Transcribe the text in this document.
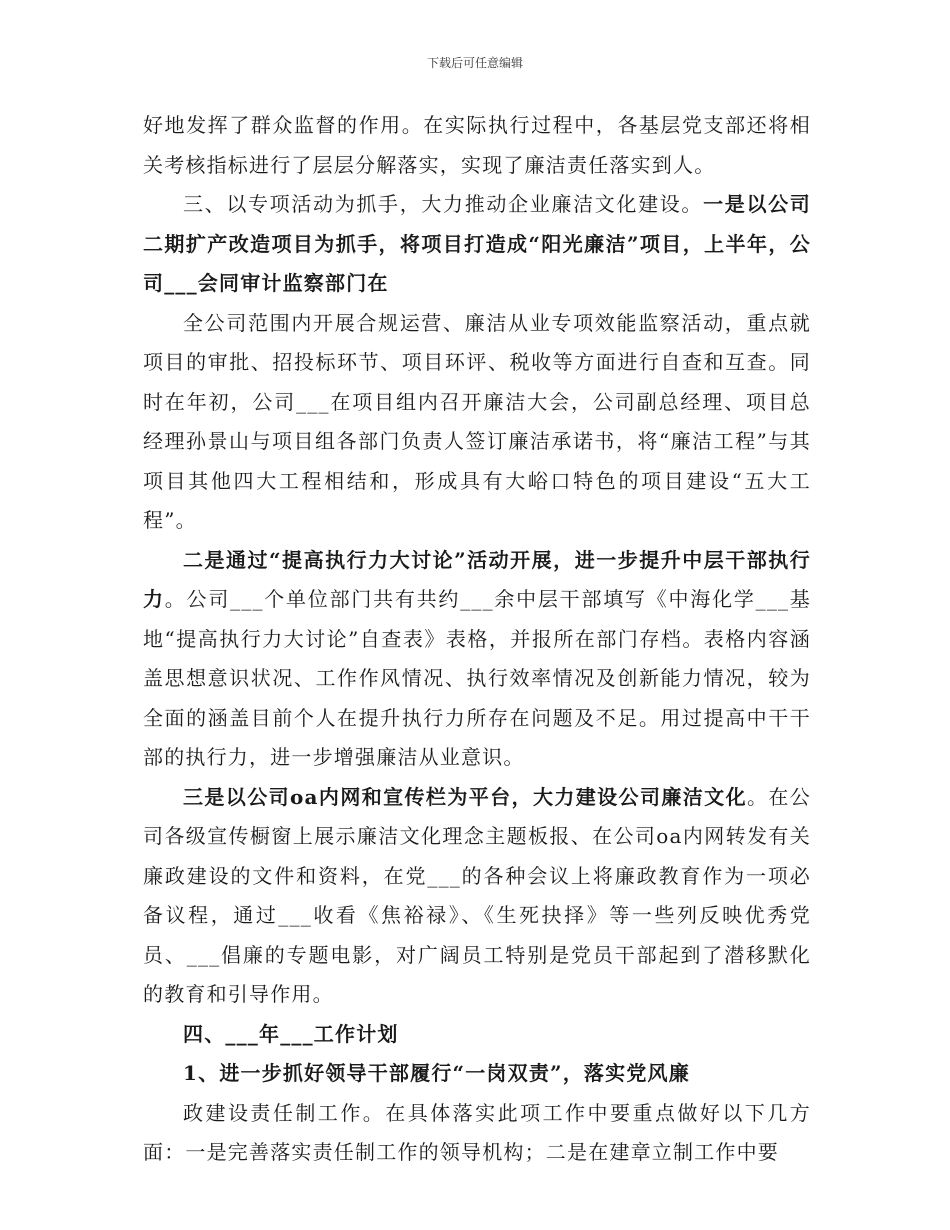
下载后可任意编辑

好地发挥了群众监督的作用。在实际执行过程中，各基层党支部还将相关考核指标进行了层层分解落实，实现了廉洁责任落实到人。

三、以专项活动为抓手，大力推动企业廉洁文化建设。一是以公司二期扩产改造项目为抓手，将项目打造成“阳光廉洁”项目，上半年，公司___会同审计监察部门在

全公司范围内开展合规运营、廉洁从业专项效能监察活动，重点就项目的审批、招投标环节、项目环评、税收等方面进行自查和互查。同时在年初，公司___在项目组内召开廉洁大会，公司副总经理、项目总经理孙景山与项目组各部门负责人签订廉洁承诺书，将“廉洁工程”与其项目其他四大工程相结和，形成具有大峪口特色的项目建设“五大工程”。

二是通过“提高执行力大讨论”活动开展，进一步提升中层干部执行力。公司___个单位部门共有共约___余中层干部填写《中海化学___基地“提高执行力大讨论”自查表》表格，并报所在部门存档。表格内容涵盖思想意识状况、工作作风情况、执行效率情况及创新能力情况，较为全面的涵盖目前个人在提升执行力所存在问题及不足。用过提高中干干部的执行力，进一步增强廉洁从业意识。

三是以公司oa内网和宣传栏为平台，大力建设公司廉洁文化。在公司各级宣传橱窗上展示廉洁文化理念主题板报、在公司oa内网转发有关廉政建设的文件和资料，在党___的各种会议上将廉政教育作为一项必备议程，通过___收看《焦裕禄》、《生死抉择》等一些列反映优秀党员、___倡廉的专题电影，对广阔员工特别是党员干部起到了潜移默化的教育和引导作用。

四、___年___工作计划

1、进一步抓好领导干部履行“一岗双责”，落实党风廉

政建设责任制工作。在具体落实此项工作中要重点做好以下几方面：一是完善落实责任制工作的领导机构；二是在建章立制工作中要
